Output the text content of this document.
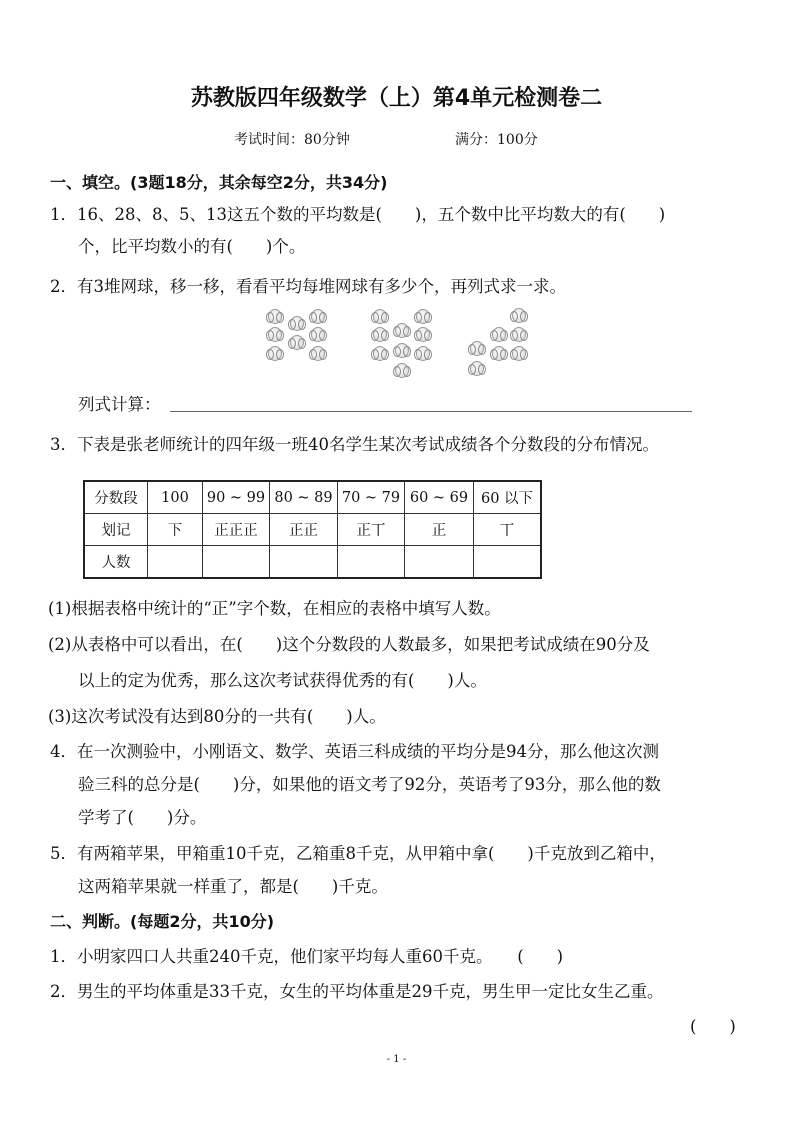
苏教版四年级数学（上）第4单元检测卷二
考试时间：80分钟	满分：100分
一、填空。(3题18分，其余每空2分，共34分)
1．16、28、8、5、13这五个数的平均数是(　　)，五个数中比平均数大的有(　　)
个，比平均数小的有(　　)个。
2．有3堆网球，移一移，看看平均每堆网球有多少个，再列式求一求。
列式计算：
3．下表是张老师统计的四年级一班40名学生某次考试成绩各个分数段的分布情况。
分数段	100	90 ~ 99	80 ~ 89	70 ~ 79	60 ~ 69	60 以下
划记	下	正正正	正正	正丅	正	丅
人数						
(1)根据表格中统计的“正”字个数，在相应的表格中填写人数。
(2)从表格中可以看出，在(　　)这个分数段的人数最多，如果把考试成绩在90分及
以上的定为优秀，那么这次考试获得优秀的有(　　)人。
(3)这次考试没有达到80分的一共有(　　)人。
4．在一次测验中，小刚语文、数学、英语三科成绩的平均分是94分，那么他这次测
验三科的总分是(　　)分，如果他的语文考了92分，英语考了93分，那么他的数
学考了(　　)分。
5．有两箱苹果，甲箱重10千克，乙箱重8千克，从甲箱中拿(　　)千克放到乙箱中，
这两箱苹果就一样重了，都是(　　)千克。
二、判断。(每题2分，共10分)
1．小明家四口人共重240千克，他们家平均每人重60千克。　　(　　)
2．男生的平均体重是33千克，女生的平均体重是29千克，男生甲一定比女生乙重。
(　　)
- 1 -
